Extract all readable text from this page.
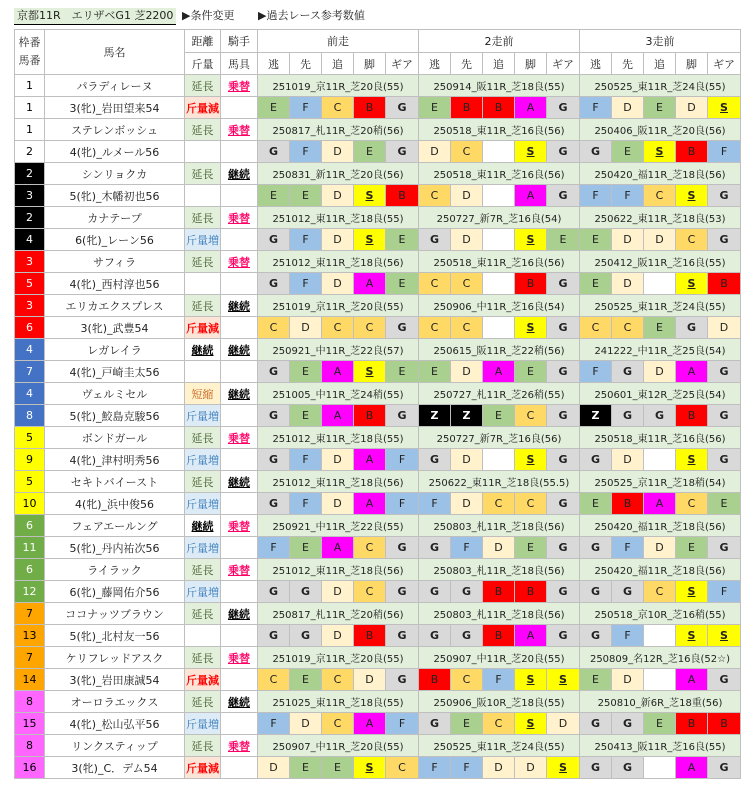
京都11R　エリザベG1 芝2200 ▶条件変更 ▶過去レース参考数値
枠番
馬番	馬名	距離	騎手	前走					2走前					3走前				
		斤量	馬具	逃	先	追	脚	ギア	逃	先	追	脚	ギア	逃	先	追	脚	ギア
1	パラディレーヌ	延長	乗替	251019_京11R_芝20良(55)					250914_阪11R_芝18良(55)					250525_東11R_芝24良(55)				
1	3(牝)_岩田望来54	斤量減		E	F	C	B	G	E	B	B	A	G	F	D	E	D	S
1	ステレンボッシュ	延長	乗替	250817_札11R_芝20稍(56)					250518_東11R_芝16良(56)					250406_阪11R_芝20良(56)				
2	4(牝)_ルメール56			G	F	D	E	G	D	C		S	G	G	E	S	B	F
2	シンリョクカ	延長	継続	250831_新11R_芝20良(56)					250518_東11R_芝16良(56)					250420_福11R_芝18良(56)				
3	5(牝)_木幡初也56			E	E	D	S	B	C	D		A	G	F	F	C	S	G
2	カナテープ	延長	乗替	251012_東11R_芝18良(55)					250727_新7R_芝16良(54)					250622_東11R_芝18良(53)				
4	6(牝)_レーン56	斤量増		G	F	D	S	E	G	D		S	E	E	D	D	C	G
3	サフィラ	延長	乗替	251012_東11R_芝18良(56)					250518_東11R_芝16良(56)					250412_阪11R_芝16良(55)				
5	4(牝)_西村淳也56			G	F	D	A	E	C	C		B	G	E	D		S	B
3	エリカエクスプレス	延長	継続	251019_京11R_芝20良(55)					250906_中11R_芝16良(54)					250525_東11R_芝24良(55)				
6	3(牝)_武豊54	斤量減		C	D	C	C	G	C	C		S	G	C	C	E	G	D
4	レガレイラ	継続	継続	250921_中11R_芝22良(57)					250615_阪11R_芝22稍(56)					241222_中11R_芝25良(54)				
7	4(牝)_戸崎圭太56			G	E	A	S	E	E	D	A	E	G	F	G	D	A	G
4	ヴェルミセル	短縮	継続	251005_中11R_芝24稍(55)					250727_札11R_芝26稍(55)					250601_東12R_芝25良(54)				
8	5(牝)_鮫島克駿56	斤量増		G	E	A	B	G	Z	Z	E	C	G	Z	G	G	B	G
5	ボンドガール	延長	乗替	251012_東11R_芝18良(55)					250727_新7R_芝16良(56)					250518_東11R_芝16良(56)				
9	4(牝)_津村明秀56	斤量増		G	F	D	A	F	G	D		S	G	G	D		S	G
5	セキトバイースト	延長	継続	251012_東11R_芝18良(56)					250622_東11R_芝18良(55.5)					250525_京11R_芝18稍(54)				
10	4(牝)_浜中俊56	斤量増		G	F	D	A	F	F	D	C	C	G	E	B	A	C	E
6	フェアエールング	継続	乗替	250921_中11R_芝22良(55)					250803_札11R_芝18良(56)					250420_福11R_芝18良(56)				
11	5(牝)_丹内祐次56	斤量増		F	E	A	C	G	G	F	D	E	G	G	F	D	E	G
6	ライラック	延長	乗替	251012_東11R_芝18良(56)					250803_札11R_芝18良(56)					250420_福11R_芝18良(56)				
12	6(牝)_藤岡佑介56	斤量増		G	G	D	C	G	G	G	B	B	G	G	G	C	S	F
7	ココナッツブラウン	延長	継続	250817_札11R_芝20稍(56)					250803_札11R_芝18良(56)					250518_京10R_芝16稍(55)				
13	5(牝)_北村友一56			G	G	D	B	G	G	G	B	A	G	G	F		S	S
7	ケリフレッドアスク	延長	乗替	251019_京11R_芝20良(55)					250907_中11R_芝20良(55)					250809_名12R_芝16良(52☆)				
14	3(牝)_岩田康誠54	斤量減		C	E	C	D	G	B	C	F	S	S	E	D		A	G
8	オーロラエックス	延長	継続	251025_東11R_芝18良(55)					250906_阪10R_芝18良(55)					250810_新6R_芝18重(56)				
15	4(牝)_松山弘平56	斤量増		F	D	C	A	F	G	E	C	S	D	G	G	E	B	B
8	リンクスティップ	延長	乗替	250907_中11R_芝20良(55)					250525_東11R_芝24良(55)					250413_阪11R_芝16良(55)				
16	3(牝)_C．デム54	斤量減		D	E	E	S	C	F	F	D	D	S	G	G		A	G
